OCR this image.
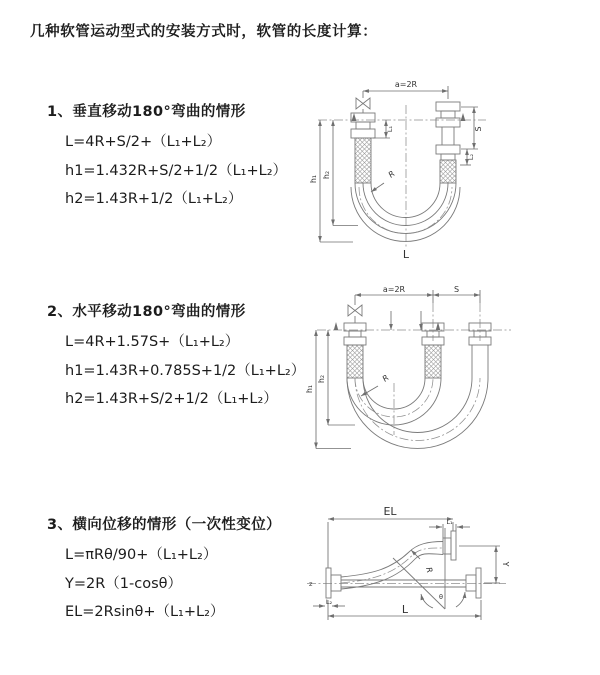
几种软管运动型式的安装方式时，软管的长度计算：
1、垂直移动180°弯曲的情形
L=4R+S/2+（L₁+L₂）
h1=1.432R+S/2+1/2（L₁+L₂）
h2=1.43R+1/2（L₁+L₂）
2、水平移动180°弯曲的情形
L=4R+1.57S+（L₁+L₂）
h1=1.43R+0.785S+1/2（L₁+L₂）
h2=1.43R+S/2+1/2（L₁+L₂）
3、横向位移的情形（一次性变位）
L=πRθ/90+（L₁+L₂）
Y=2R（1-cosθ）
EL=2Rsinθ+（L₁+L₂）
a=2R
h₁ h₂
S
L₂
L₁
R
L
a=2R	S
h₁
h₂	R
z
EL
L₁
θ
R
L
L₂
Y
